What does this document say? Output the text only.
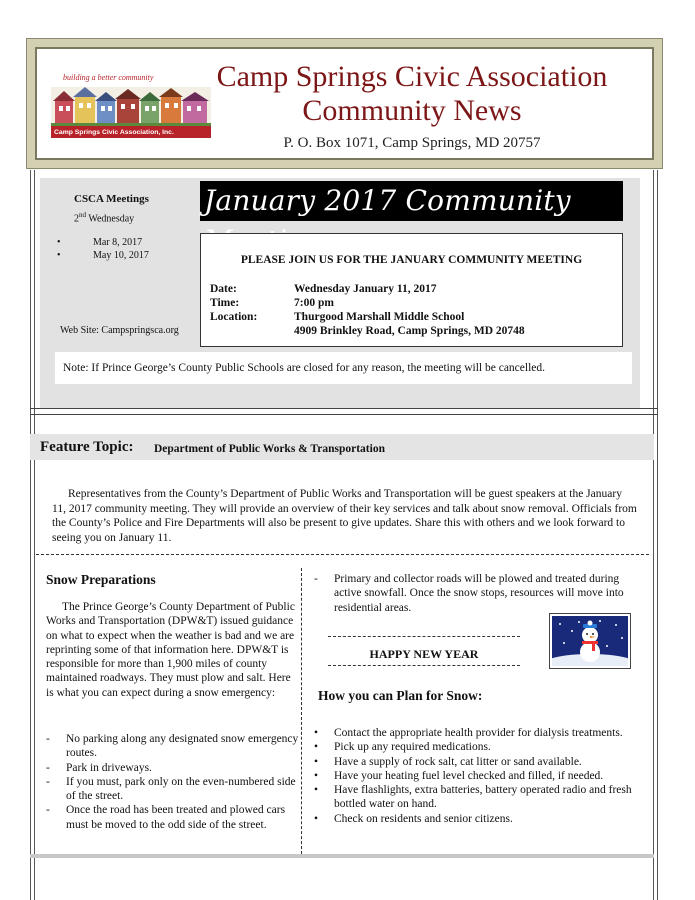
building a better community
Camp Springs Civic Association, Inc.
Camp Springs Civic Association
Community News
P. O. Box 1071, Camp Springs, MD 20757
CSCA Meetings
2nd Wednesday
• Mar 8, 2017
• May 10, 2017
Web Site: Campspringsca.org
January 2017 Community
PLEASE JOIN US FOR THE JANUARY COMMUNITY MEETING
Date:	Wednesday January 11, 2017
Time:	7:00 pm
Location:	Thurgood Marshall Middle School
4909 Brinkley Road, Camp Springs, MD 20748
Note: If Prince George’s County Public Schools are closed for any reason, the meeting will be cancelled.
Feature Topic: Department of Public Works & Transportation
Representatives from the County’s Department of Public Works and Transportation will be guest speakers at the January 11, 2017 community meeting. They will provide an overview of their key services and talk about snow removal. Officials from the County’s Police and Fire Departments will also be present to give updates. Share this with others and we look forward to seeing you on January 11.
Snow Preparations
The Prince George’s County Department of Public Works and Transportation (DPW&T) issued guidance on what to expect when the weather is bad and we are reprinting some of that information here. DPW&T is responsible for more than 1,900 miles of county maintained roadways. They must plow and salt. Here is what you can expect during a snow emergency:
- No parking along any designated snow emergency routes.
- Park in driveways.
- If you must, park only on the even-numbered side of the street.
- Once the road has been treated and plowed cars must be moved to the odd side of the street.
- Primary and collector roads will be plowed and treated during active snowfall. Once the snow stops, resources will move into residential areas.
HAPPY NEW YEAR
How you can Plan for Snow:
• Contact the appropriate health provider for dialysis treatments.
• Pick up any required medications.
• Have a supply of rock salt, cat litter or sand available.
• Have your heating fuel level checked and filled, if needed.
• Have flashlights, extra batteries, battery operated radio and fresh bottled water on hand.
• Check on residents and senior citizens.
